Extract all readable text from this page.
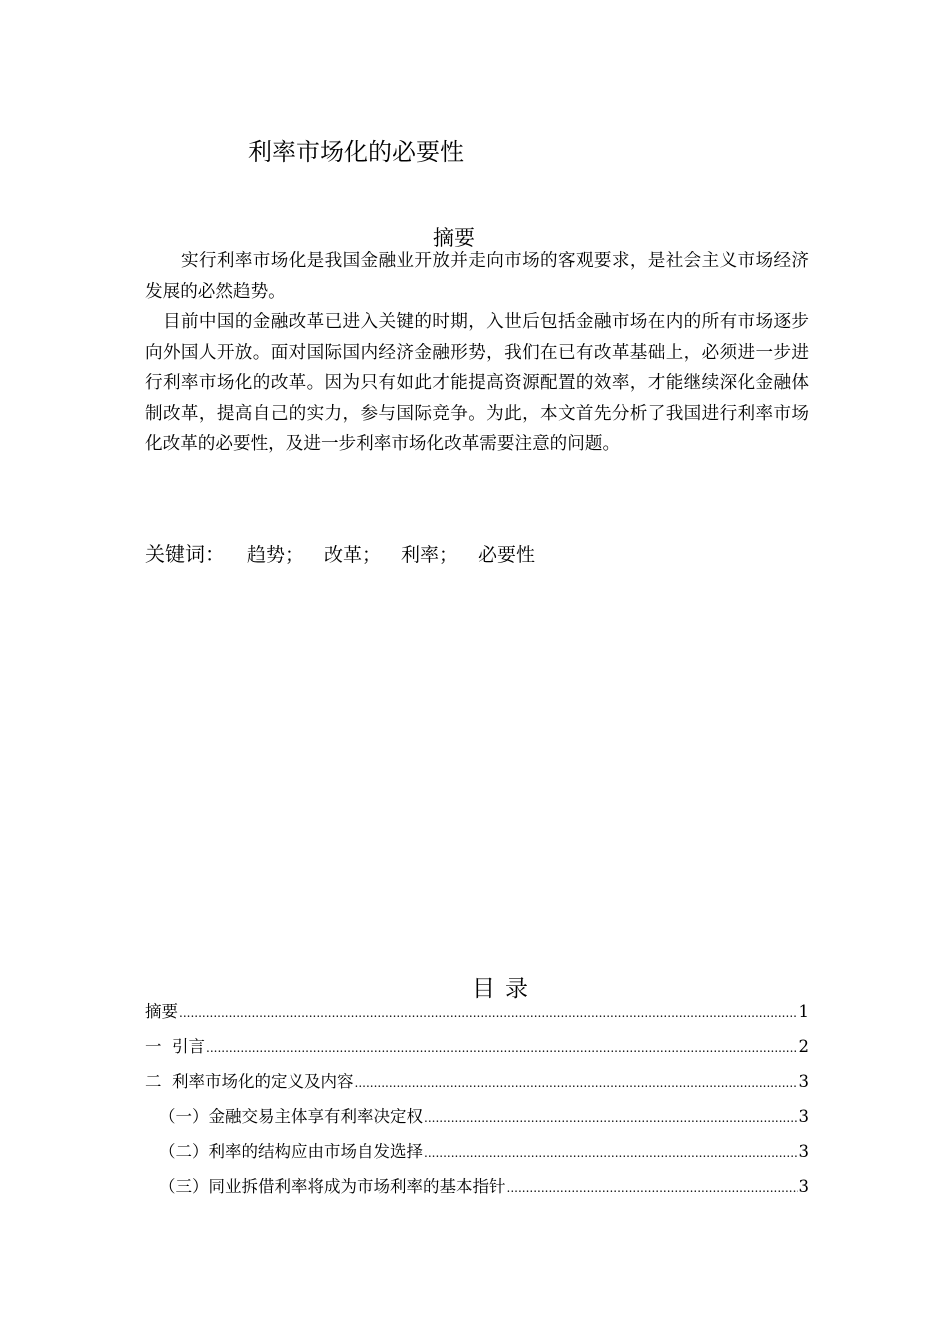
利率市场化的必要性
摘要

实行利率市场化是我国金融业开放并走向市场的客观要求，是社会主义市场经济发展的必然趋势。

目前中国的金融改革已进入关键的时期，入世后包括金融市场在内的所有市场逐步向外国人开放。面对国际国内经济金融形势，我们在已有改革基础上，必须进一步进行利率市场化的改革。因为只有如此才能提高资源配置的效率，才能继续深化金融体制改革，提高自己的实力，参与国际竞争。为此，本文首先分析了我国进行利率市场化改革的必要性，及进一步利率市场化改革需要注意的问题。

关键词： 趋势； 改革； 利率； 必要性
目录
摘要 .....	1
一  引言 .....	2
二  利率市场化的定义及内容 .....	3
（一）金融交易主体享有利率决定权 .....	3
（二）利率的结构应由市场自发选择 .....	3
（三）同业拆借利率将成为市场利率的基本指针 .....	3
